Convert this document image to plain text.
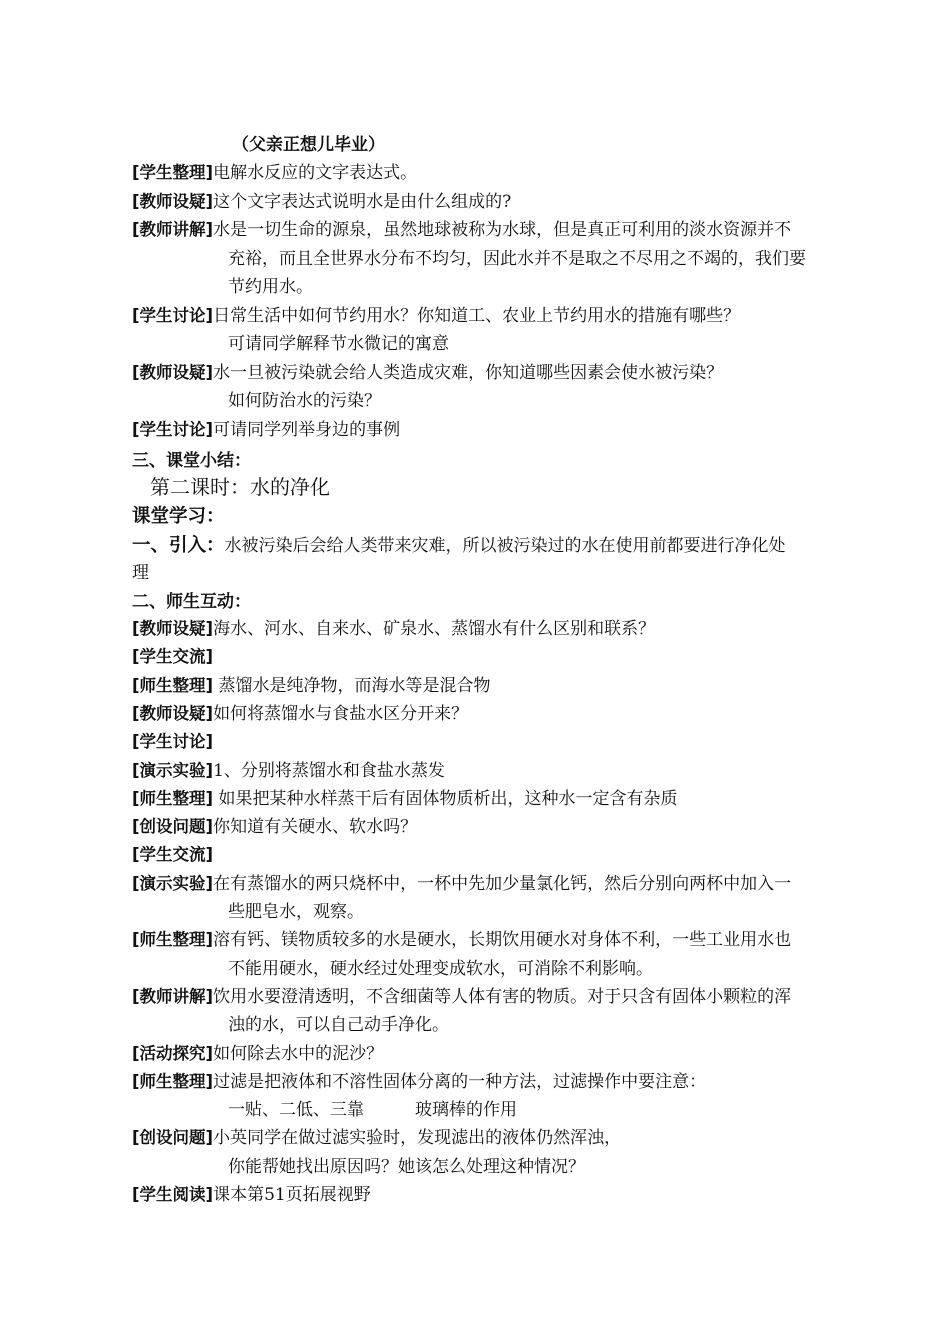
（父亲正想儿毕业）
[学生整理]电解水反应的文字表达式。
[教师设疑]这个文字表达式说明水是由什么组成的?
[教师讲解]水是一切生命的源泉，虽然地球被称为水球，但是真正可利用的淡水资源并不
充裕，而且全世界水分布不均匀，因此水并不是取之不尽用之不竭的，我们要
节约用水。
[学生讨论]日常生活中如何节约用水？你知道工、农业上节约用水的措施有哪些？
可请同学解释节水微记的寓意
[教师设疑]水一旦被污染就会给人类造成灾难，你知道哪些因素会使水被污染？
如何防治水的污染？
[学生讨论]可请同学列举身边的事例
三、课堂小结：
第二课时：水的净化
课堂学习：
一、引入：水被污染后会给人类带来灾难，所以被污染过的水在使用前都要进行净化处
理
二、师生互动：
[教师设疑]海水、河水、自来水、矿泉水、蒸馏水有什么区别和联系？
[学生交流]
[师生整理] 蒸馏水是纯净物，而海水等是混合物
[教师设疑]如何将蒸馏水与食盐水区分开来？
[学生讨论]
[演示实验]1、分别将蒸馏水和食盐水蒸发
[师生整理] 如果把某种水样蒸干后有固体物质析出，这种水一定含有杂质
[创设问题]你知道有关硬水、软水吗？
[学生交流]
[演示实验]在有蒸馏水的两只烧杯中，一杯中先加少量氯化钙，然后分别向两杯中加入一
些肥皂水，观察。
[师生整理]溶有钙、镁物质较多的水是硬水，长期饮用硬水对身体不利，一些工业用水也
不能用硬水，硬水经过处理变成软水，可消除不利影响。
[教师讲解]饮用水要澄清透明，不含细菌等人体有害的物质。对于只含有固体小颗粒的浑
浊的水，可以自己动手净化。
[活动探究]如何除去水中的泥沙？
[师生整理]过滤是把液体和不溶性固体分离的一种方法，过滤操作中要注意：
一贴、二低、三靠　　　玻璃棒的作用
[创设问题]小英同学在做过滤实验时，发现滤出的液体仍然浑浊，
你能帮她找出原因吗？她该怎么处理这种情况？
[学生阅读]课本第51页拓展视野
